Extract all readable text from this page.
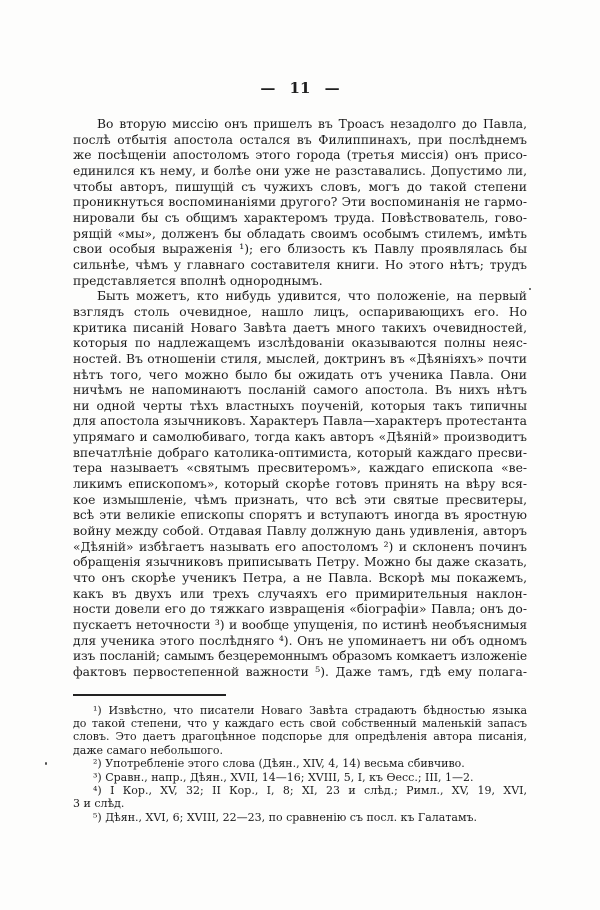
— 11 —
Во вторую миссію онъ пришелъ въ Троасъ незадолго до Павла,
послѣ отбытія апостола остался въ Филиппинахъ, при послѣднемъ
же посѣщеніи апостоломъ этого города (третья миссія) онъ присо-
единился къ нему, и болѣе они уже не разставались. Допустимо ли,
чтобы авторъ, пишущій съ чужихъ словъ, могъ до такой степени
проникнуться воспоминаніями другого? Эти воспоминанія не гармо-
нировали бы съ общимъ характеромъ труда. Повѣствователь, гово-
рящій «мы», долженъ бы обладать своимъ особымъ стилемъ, имѣть
свои особыя выраженія ¹); его близость къ Павлу проявлялась бы
сильнѣе, чѣмъ у главнаго составителя книги. Но этого нѣтъ; трудъ
представляется вполнѣ однороднымъ.
Быть можетъ, кто нибудь удивится, что положеніе, на первый
взглядъ столь очевидное, нашло лицъ, оспаривающихъ его. Но
критика писаній Новаго Завѣта даетъ много такихъ очевидностей,
которыя по надлежащемъ изслѣдованіи оказываются полны неяс-
ностей. Въ отношеніи стиля, мыслей, доктринъ въ «Дѣяніяхъ» почти
нѣтъ того, чего можно было бы ожидать отъ ученика Павла. Они
ничѣмъ не напоминаютъ посланій самого апостола. Въ нихъ нѣтъ
ни одной черты тѣхъ властныхъ поученій, которыя такъ типичны
для апостола язычниковъ. Характеръ Павла—характеръ протестанта
упрямаго и самолюбиваго, тогда какъ авторъ «Дѣяній» производитъ
впечатлѣніе добраго католика-оптимиста, который каждаго пресви-
тера называетъ «святымъ пресвитеромъ», каждаго епископа «ве-
ликимъ епископомъ», который скорѣе готовъ принять на вѣру вся-
кое измышленіе, чѣмъ признать, что всѣ эти святые пресвитеры,
всѣ эти великіе епископы спорятъ и вступаютъ иногда въ яростную
войну между собой. Отдавая Павлу должную дань удивленія, авторъ
«Дѣяній» избѣгаетъ называть его апостоломъ ²) и склоненъ починъ
обращенія язычниковъ приписывать Петру. Можно бы даже сказать,
что онъ скорѣе ученикъ Петра, а не Павла. Вскорѣ мы покажемъ,
какъ въ двухъ или трехъ случаяхъ его примирительныя наклон-
ности довели его до тяжкаго извращенія «біографіи» Павла; онъ до-
пускаетъ неточности ³) и вообще упущенія, по истинѣ необъяснимыя
для ученика этого послѣдняго ⁴). Онъ не упоминаетъ ни объ одномъ
изъ посланій; самымъ безцеремоннымъ образомъ комкаетъ изложеніе
фактовъ первостепенной важности ⁵). Даже тамъ, гдѣ ему полага-
¹) Извѣстно, что писатели Новаго Завѣта страдаютъ бѣдностью языка
до такой степени, что у каждаго есть свой собственный маленькій запасъ
словъ. Это даетъ драгоцѣнное подспорье для опредѣленія автора писанія,
даже самаго небольшого.
²) Употребленіе этого слова (Дѣян., XIV, 4, 14) весьма сбивчиво.
³) Сравн., напр., Дѣян., XVII, 14—16; XVIII, 5, I, къ Ѳесс.; III, 1—2.
⁴) I Кор., XV, 32; II Кор., I, 8; XI, 23 и слѣд.; Римл., XV, 19, XVI,
3 и слѣд.
⁵) Дѣян., XVI, 6; XVIII, 22—23, по сравненію съ посл. къ Галатамъ.
